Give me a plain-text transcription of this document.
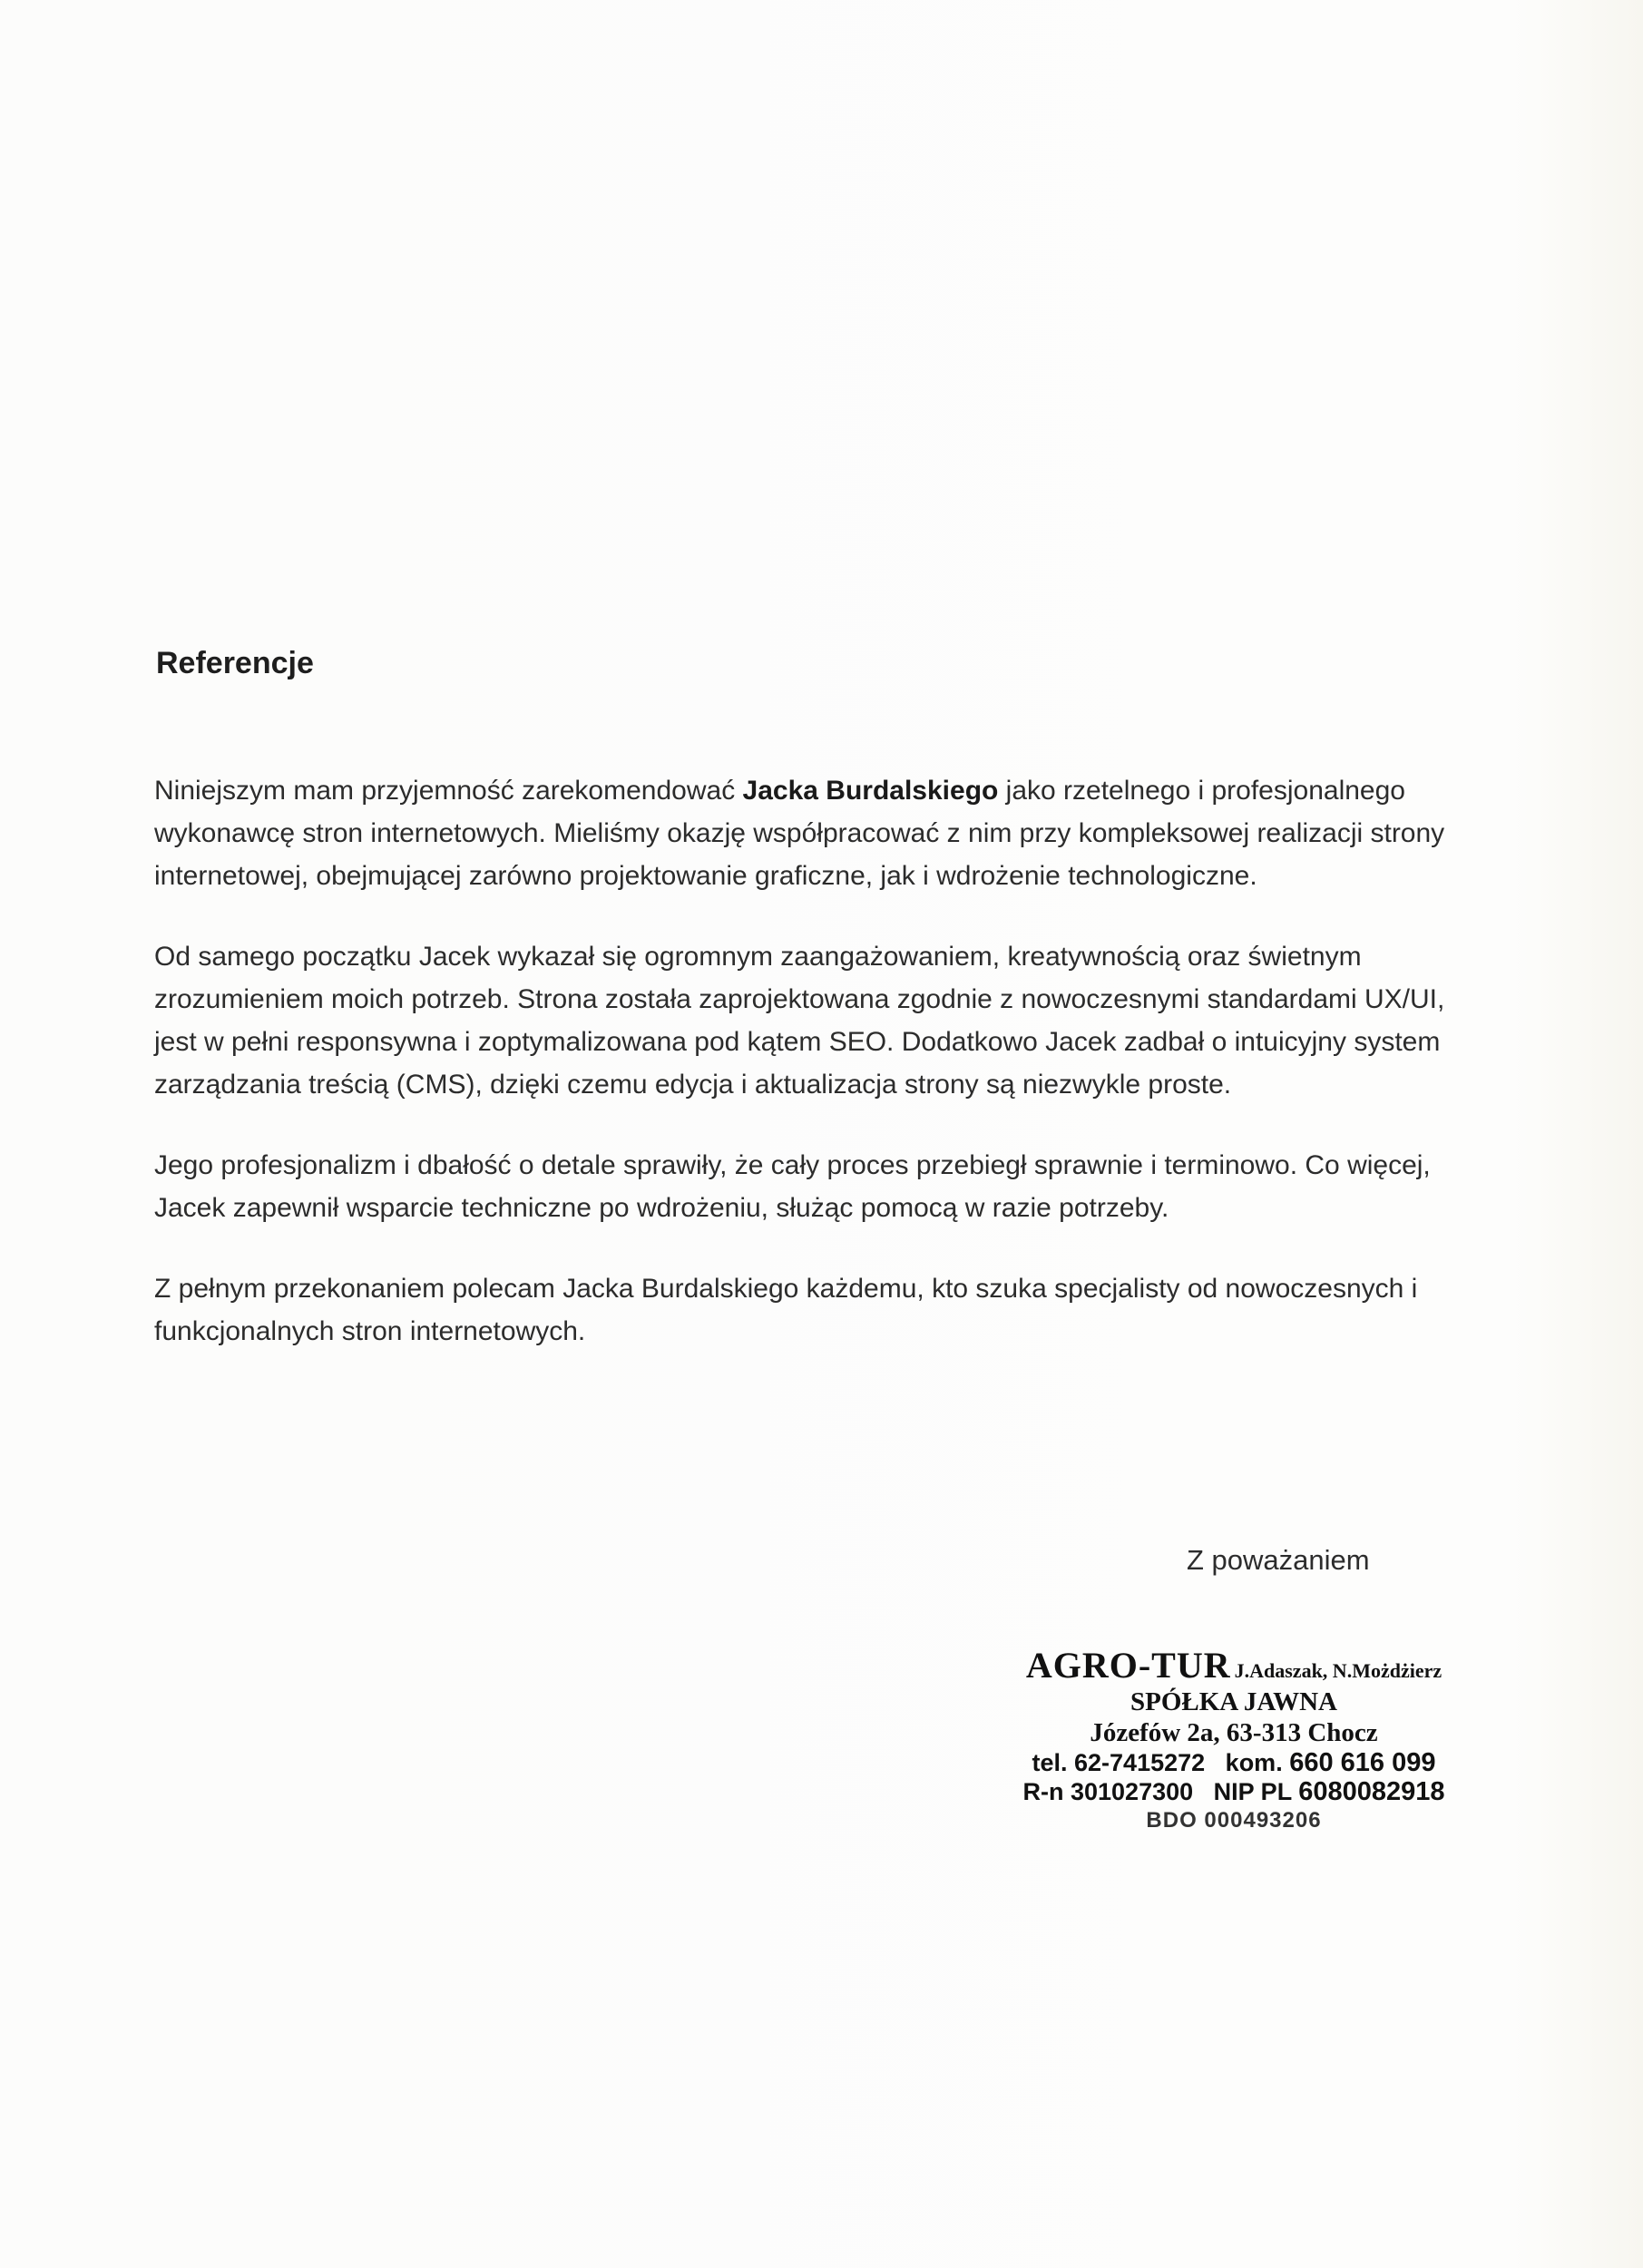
Referencje

Niniejszym mam przyjemność zarekomendować Jacka Burdalskiego jako rzetelnego i profesjonalnego wykonawcę stron internetowych. Mieliśmy okazję współpracować z nim przy kompleksowej realizacji strony internetowej, obejmującej zarówno projektowanie graficzne, jak i wdrożenie technologiczne.

Od samego początku Jacek wykazał się ogromnym zaangażowaniem, kreatywnością oraz świetnym zrozumieniem moich potrzeb. Strona została zaprojektowana zgodnie z nowoczesnymi standardami UX/UI, jest w pełni responsywna i zoptymalizowana pod kątem SEO. Dodatkowo Jacek zadbał o intuicyjny system zarządzania treścią (CMS), dzięki czemu edycja i aktualizacja strony są niezwykle proste.

Jego profesjonalizm i dbałość o detale sprawiły, że cały proces przebiegł sprawnie i terminowo. Co więcej, Jacek zapewnił wsparcie techniczne po wdrożeniu, służąc pomocą w razie potrzeby.

Z pełnym przekonaniem polecam Jacka Burdalskiego każdemu, kto szuka specjalisty od nowoczesnych i funkcjonalnych stron internetowych.

Z poważaniem
AGRO-TUR J.Adaszak, N.Możdżierz
SPÓŁKA JAWNA
Józefów 2a, 63-313 Chocz
tel. 62-7415272 kom. 660 616 099
R-n 301027300 NIP PL 6080082918
BDO 000493206
